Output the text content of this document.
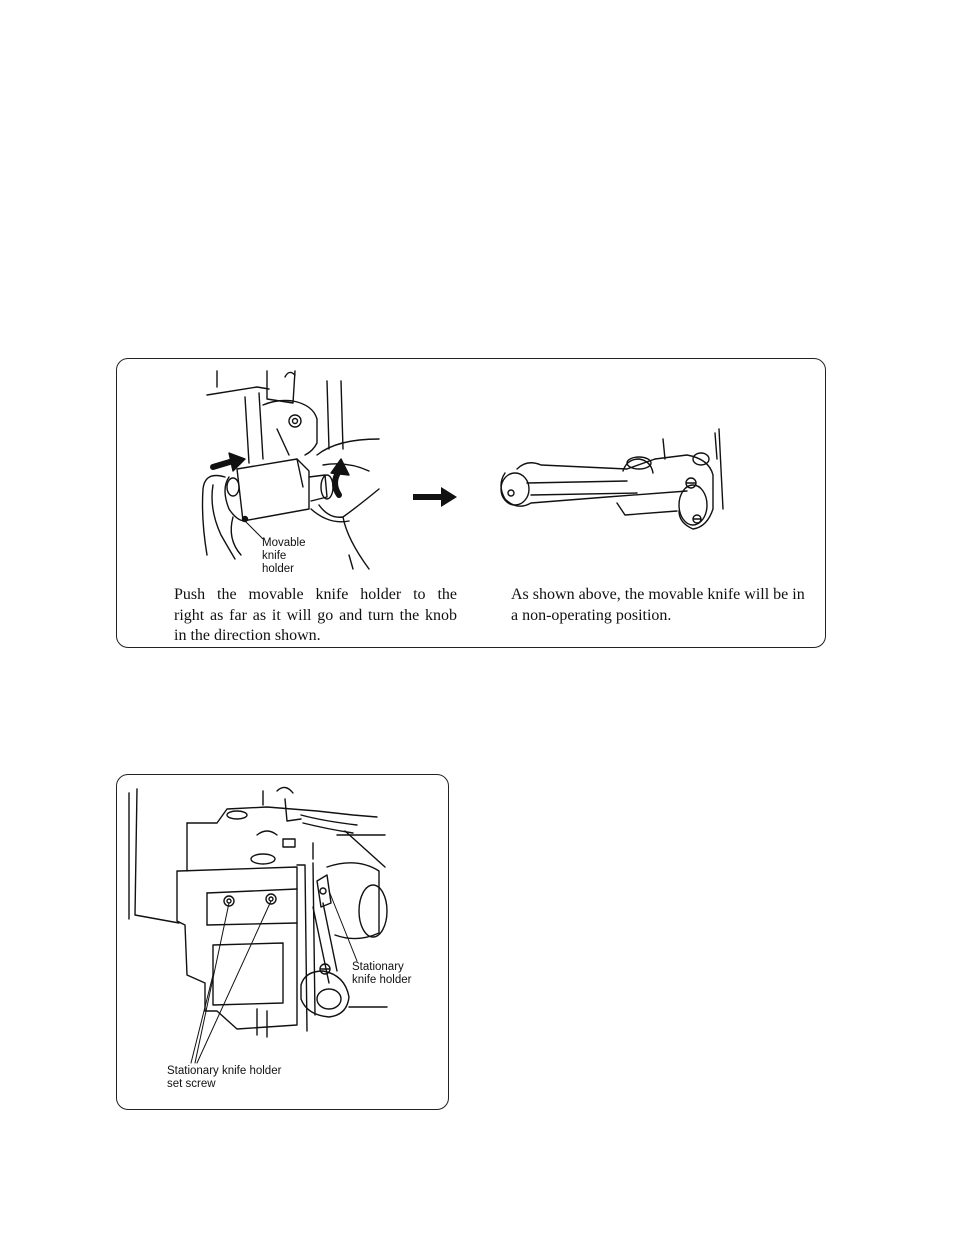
Movable
knife
holder

Push the movable knife holder to the
right as far as it will go and turn the knob
in the direction shown.

As shown above, the movable knife will be in a non-operating position.

Stationary
knife holder

Stationary knife holder
set screw
